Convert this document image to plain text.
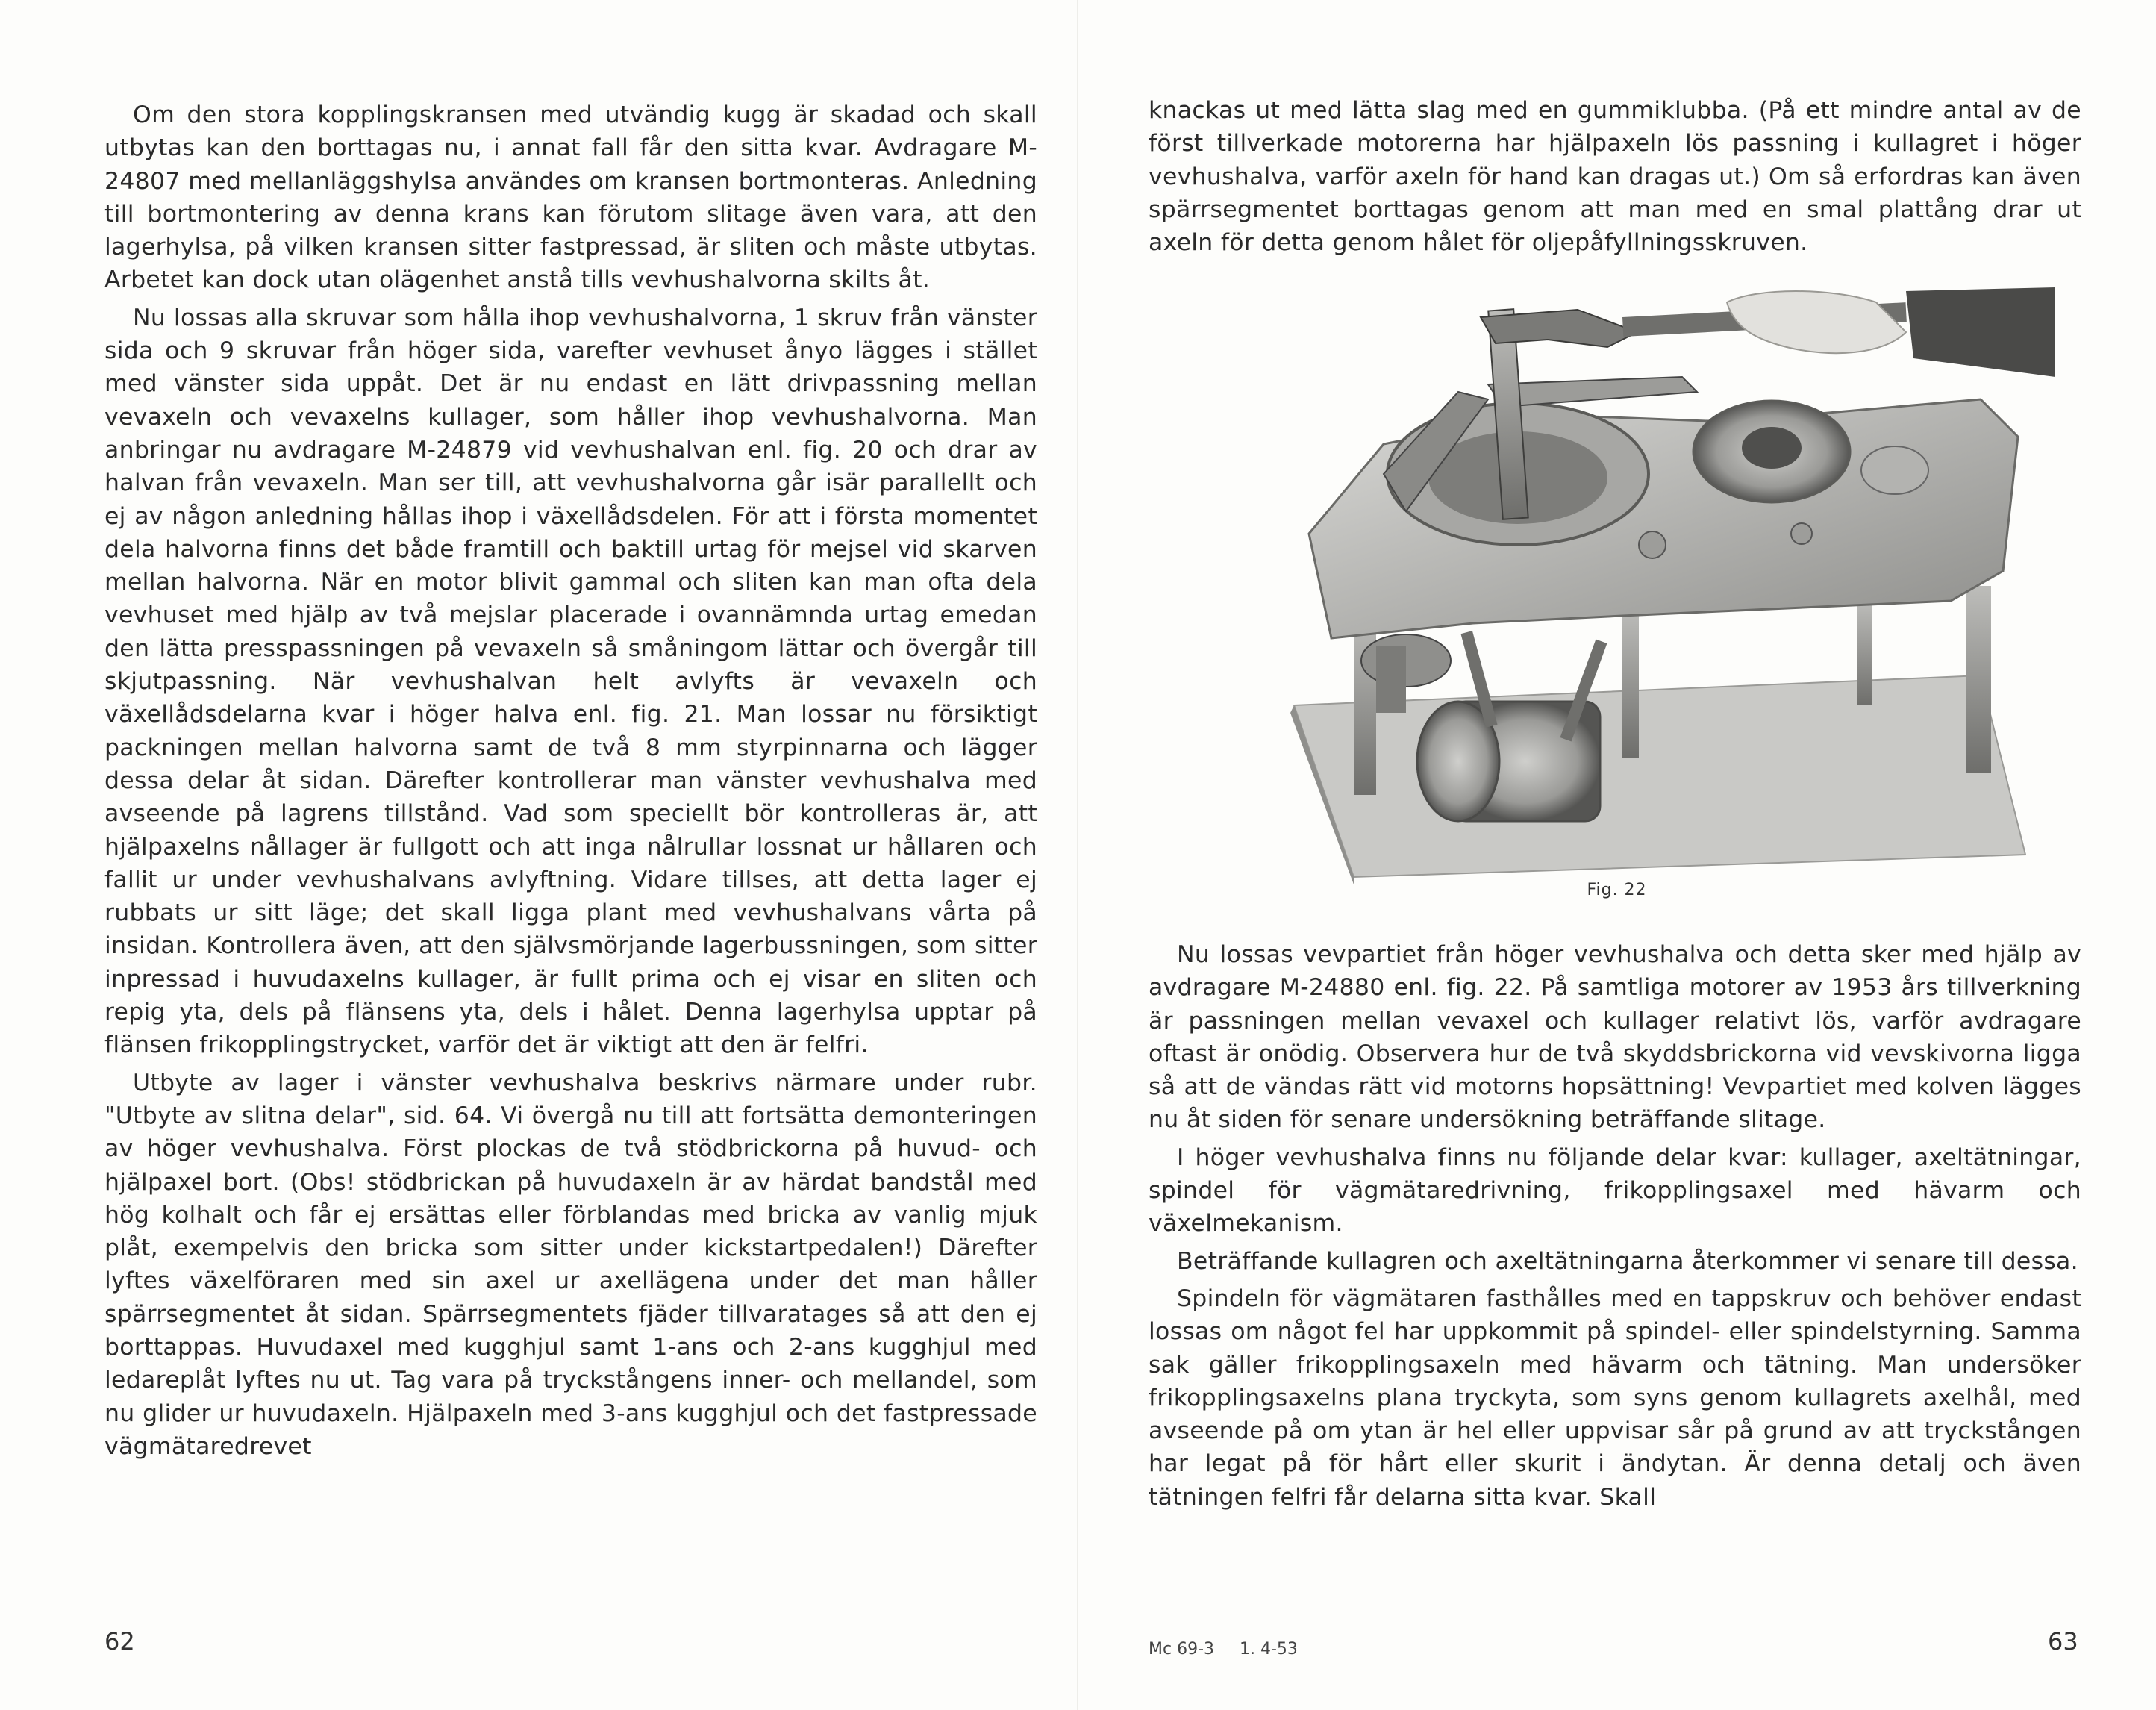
Om den stora kopplingskransen med utvändig kugg är skadad och skall utbytas kan den borttagas nu, i annat fall får den sitta kvar. Avdragare M-24807 med mellanläggshylsa användes om kransen bortmonteras. Anledning till bortmontering av denna krans kan förutom slitage även vara, att den lagerhylsa, på vilken kransen sitter fastpressad, är sliten och måste utbytas. Arbetet kan dock utan olägenhet anstå tills vevhushalvorna skilts åt.

Nu lossas alla skruvar som hålla ihop vevhushalvorna, 1 skruv från vänster sida och 9 skruvar från höger sida, varefter vevhuset ånyo lägges i stället med vänster sida uppåt. Det är nu endast en lätt drivpassning mellan vevaxeln och vevaxelns kullager, som håller ihop vevhushalvorna. Man anbringar nu avdragare M-24879 vid vevhushalvan enl. fig. 20 och drar av halvan från vevaxeln. Man ser till, att vevhushalvorna går isär parallellt och ej av någon anledning hållas ihop i växellådsdelen. För att i första momentet dela halvorna finns det både framtill och baktill urtag för mejsel vid skarven mellan halvorna. När en motor blivit gammal och sliten kan man ofta dela vevhuset med hjälp av två mejslar placerade i ovannämnda urtag emedan den lätta presspassningen på vevaxeln så småningom lättar och övergår till skjutpassning. När vevhushalvan helt avlyfts är vevaxeln och växellådsdelarna kvar i höger halva enl. fig. 21. Man lossar nu försiktigt packningen mellan halvorna samt de två 8 mm styrpinnarna och lägger dessa delar åt sidan. Därefter kontrollerar man vänster vevhushalva med avseende på lagrens tillstånd. Vad som speciellt bör kontrolleras är, att hjälpaxelns nållager är fullgott och att inga nålrullar lossnat ur hållaren och fallit ur under vevhushalvans avlyftning. Vidare tillses, att detta lager ej rubbats ur sitt läge; det skall ligga plant med vevhushalvans vårta på insidan. Kontrollera även, att den självsmörjande lagerbussningen, som sitter inpressad i huvudaxelns kullager, är fullt prima och ej visar en sliten och repig yta, dels på flänsens yta, dels i hålet. Denna lagerhylsa upptar på flänsen frikopplingstrycket, varför det är viktigt att den är felfri.

Utbyte av lager i vänster vevhushalva beskrivs närmare under rubr. "Utbyte av slitna delar", sid. 64. Vi övergå nu till att fortsätta demonteringen av höger vevhushalva. Först plockas de två stödbrickorna på huvud- och hjälpaxel bort. (Obs! stödbrickan på huvudaxeln är av härdat bandstål med hög kolhalt och får ej ersättas eller förblandas med bricka av vanlig mjuk plåt, exempelvis den bricka som sitter under kickstartpedalen!) Därefter lyftes växelföraren med sin axel ur axellägena under det man håller spärrsegmentet åt sidan. Spärrsegmentets fjäder tillvaratages så att den ej borttappas. Huvudaxel med kugghjul samt 1-ans och 2-ans kugghjul med ledareplåt lyftes nu ut. Tag vara på tryckstångens inner- och mellandel, som nu glider ur huvudaxeln. Hjälpaxeln med 3-ans kugghjul och det fastpressade vägmätaredrevet

62

knackas ut med lätta slag med en gummiklubba. (På ett mindre antal av de först tillverkade motorerna har hjälpaxeln lös passning i kullagret i höger vevhushalva, varför axeln för hand kan dragas ut.) Om så erfordras kan även spärrsegmentet borttagas genom att man med en smal plattång drar ut axeln för detta genom hålet för oljepåfyllningsskruven.

Fig. 22

Nu lossas vevpartiet från höger vevhushalva och detta sker med hjälp av avdragare M-24880 enl. fig. 22. På samtliga motorer av 1953 års tillverkning är passningen mellan vevaxel och kullager relativt lös, varför avdragare oftast är onödig. Observera hur de två skyddsbrickorna vid vevskivorna ligga så att de vändas rätt vid motorns hopsättning! Vevpartiet med kolven lägges nu åt siden för senare undersökning beträffande slitage.

I höger vevhushalva finns nu följande delar kvar: kullager, axeltätningar, spindel för vägmätaredrivning, frikopplingsaxel med hävarm och växelmekanism.

Beträffande kullagren och axeltätningarna återkommer vi senare till dessa.

Spindeln för vägmätaren fasthålles med en tappskruv och behöver endast lossas om något fel har uppkommit på spindel- eller spindelstyrning. Samma sak gäller frikopplingsaxeln med hävarm och tätning. Man undersöker frikopplingsaxelns plana tryckyta, som syns genom kullagrets axelhål, med avseende på om ytan är hel eller uppvisar sår på grund av att tryckstången har legat på för hårt eller skurit i ändytan. Är denna detalj och även tätningen felfri får delarna sitta kvar. Skall

Mc 69-3 1. 4-53	63
